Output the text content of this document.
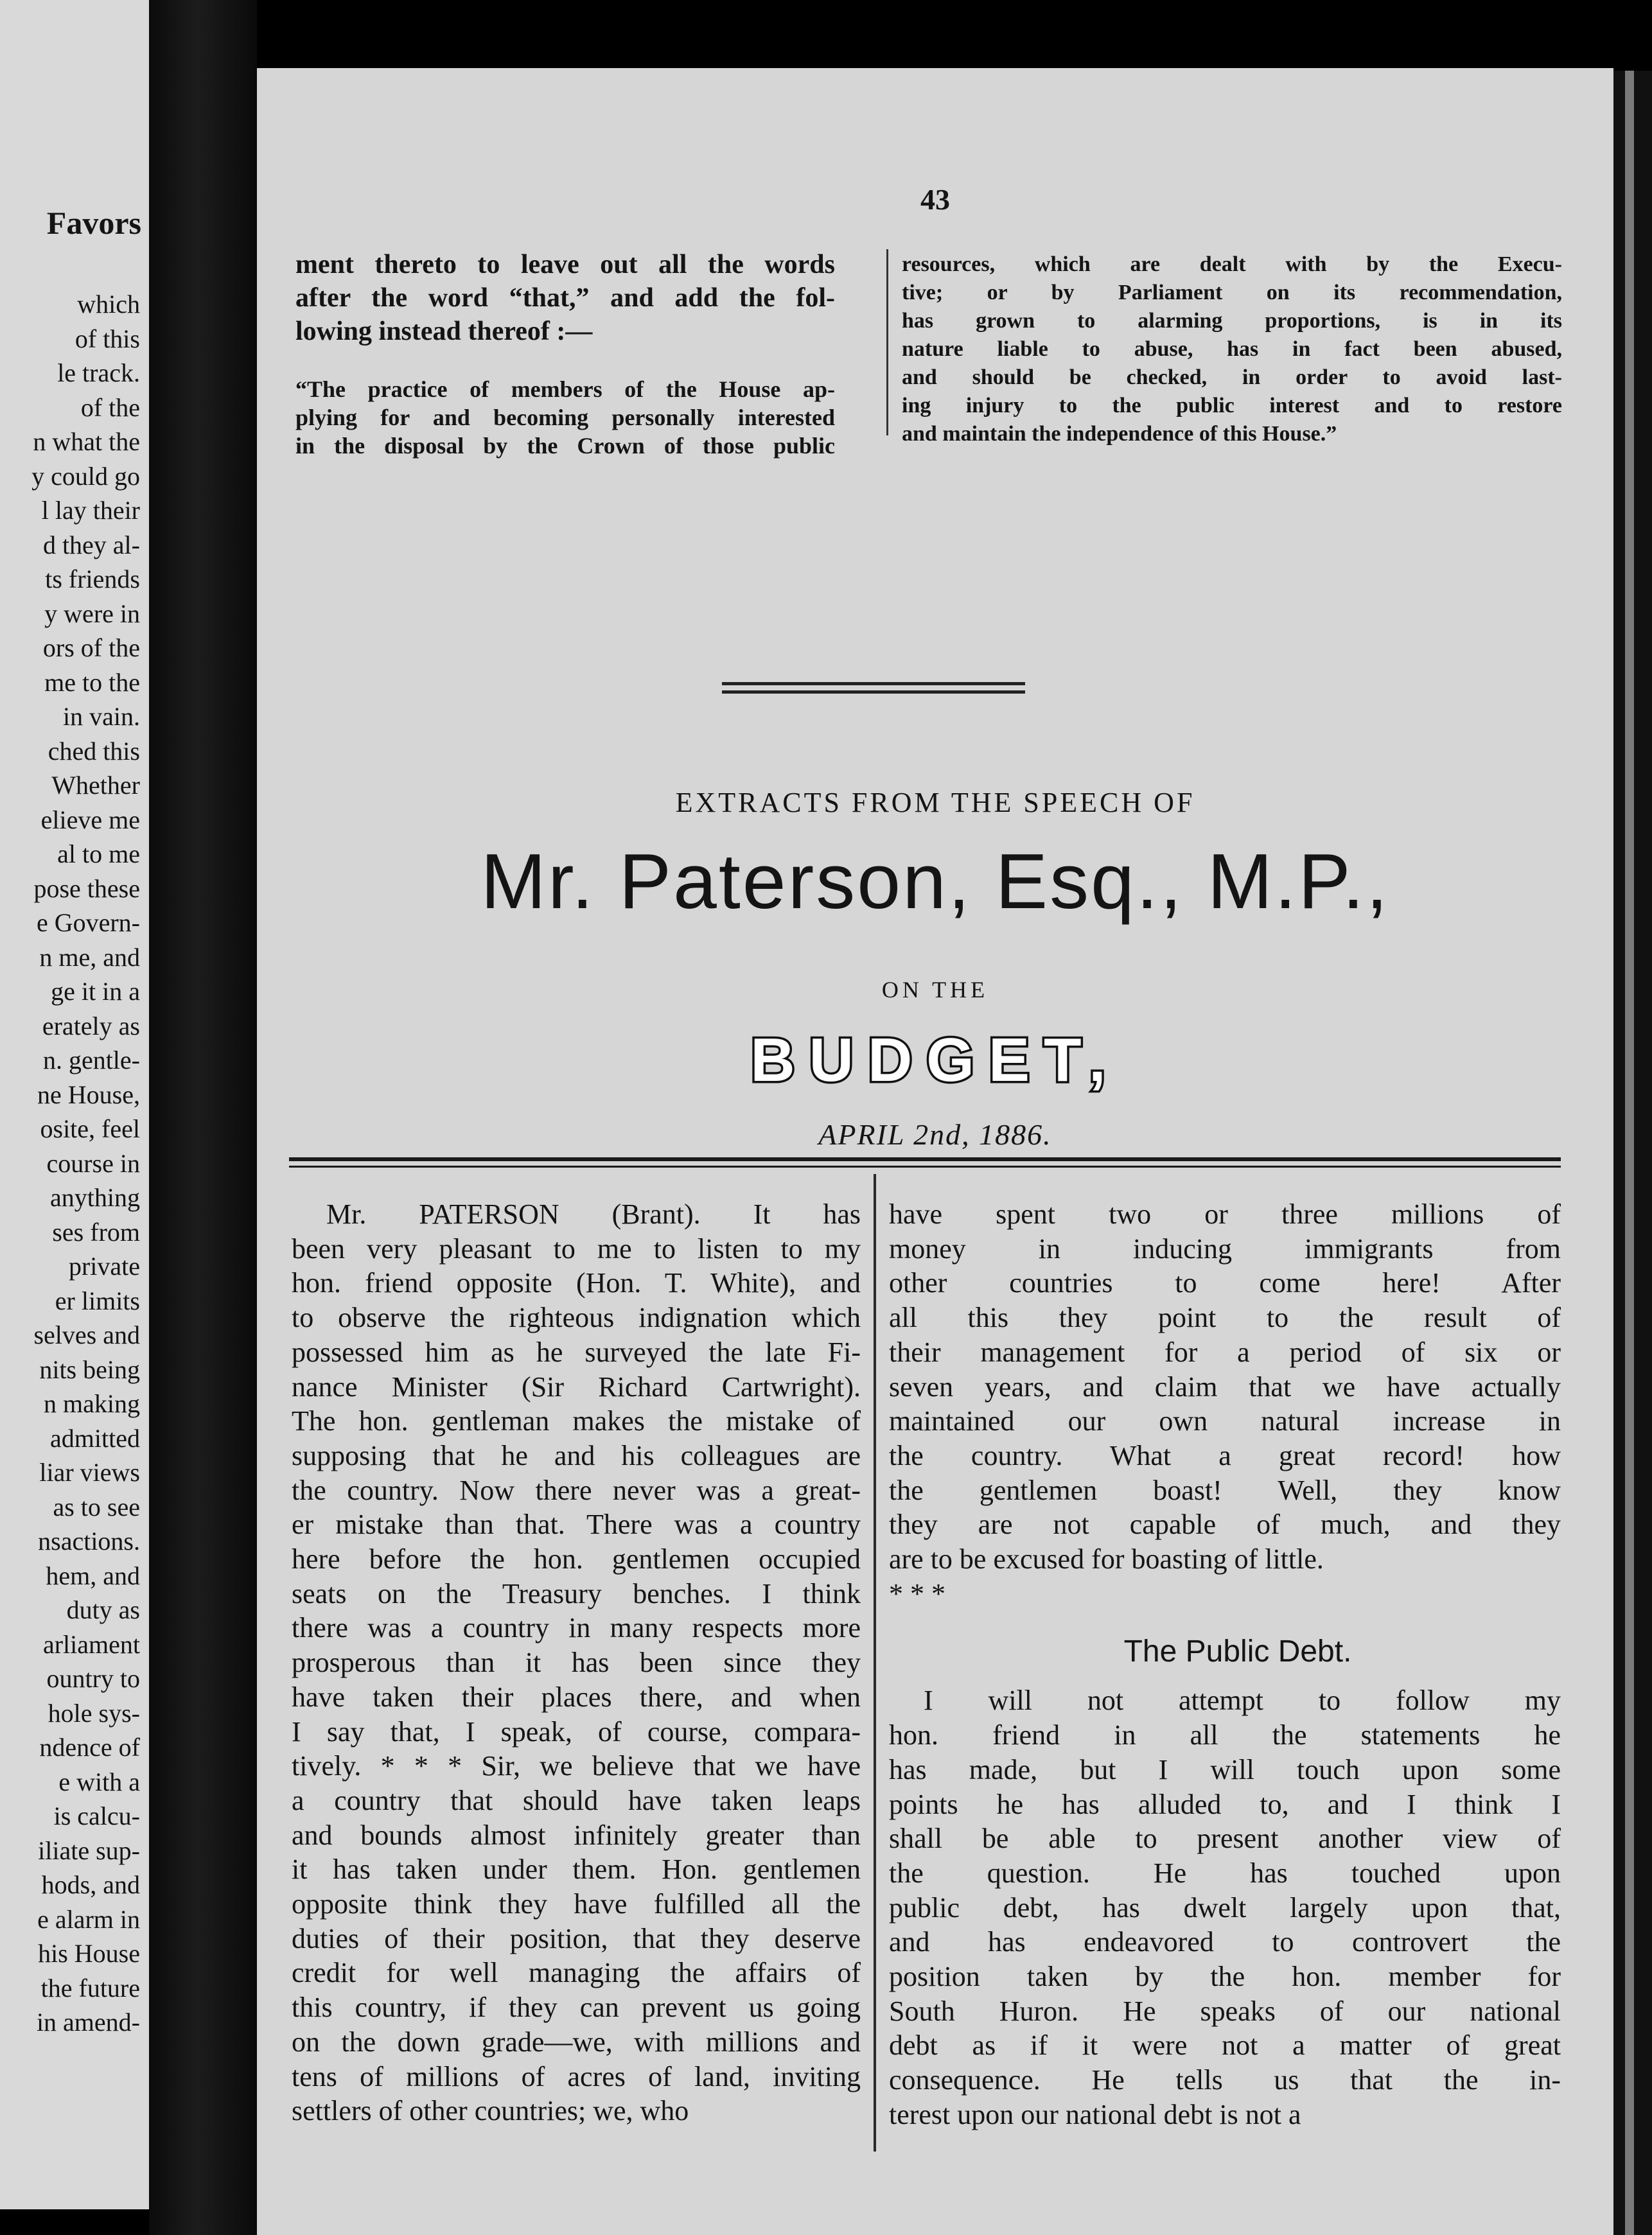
Favors
which
of this
le track.
of the
n what the
y could go
l lay their
d they al-
ts friends
y were in
ors of the
me to the
in vain.
ched this
Whether
elieve me
al to me
pose these
e Govern-
n me, and
ge it in a
erately as
n. gentle-
ne House,
osite, feel
course in
anything
ses from
private
er limits
selves and
nits being
n making
admitted
liar views
as to see
nsactions.
hem, and
duty as
arliament
ountry to
hole sys-
ndence of
e with a
is calcu-
iliate sup-
hods, and
e alarm in
his House
the future
in amend-
43
ment thereto to leave out all the words
after the word “that,” and add the fol-
lowing instead thereof :—
“The practice of members of the House ap-
plying for and becoming personally interested
in the disposal by the Crown of those public
resources, which are dealt with by the Execu-
tive; or by Parliament on its recommendation,
has grown to alarming proportions, is in its
nature liable to abuse, has in fact been abused,
and should be checked, in order to avoid last-
ing injury to the public interest and to restore
and maintain the independence of this House.”
EXTRACTS FROM THE SPEECH OF
Mr. Paterson, Esq., M.P.,
ON THE
BUDGET,
APRIL 2nd, 1886.
Mr. PATERSON (Brant). It has
been very pleasant to me to listen to my
hon. friend opposite (Hon. T. White), and
to observe the righteous indignation which
possessed him as he surveyed the late Fi-
nance Minister (Sir Richard Cartwright).
The hon. gentleman makes the mistake of
supposing that he and his colleagues are
the country. Now there never was a great-
er mistake than that. There was a country
here before the hon. gentlemen occupied
seats on the Treasury benches. I think
there was a country in many respects more
prosperous than it has been since they
have taken their places there, and when
I say that, I speak, of course, compara-
tively. * * * Sir, we believe that we have
a country that should have taken leaps
and bounds almost infinitely greater than
it has taken under them. Hon. gentlemen
opposite think they have fulfilled all the
duties of their position, that they deserve
credit for well managing the affairs of
this country, if they can prevent us going
on the down grade—we, with millions and
tens of millions of acres of land, inviting
settlers of other countries; we, who
have spent two or three millions of
money in inducing immigrants from
other countries to come here! After
all this they point to the result of
their management for a period of six or
seven years, and claim that we have actually
maintained our own natural increase in
the country. What a great record! how
the gentlemen boast! Well, they know
they are not capable of much, and they
are to be excused for boasting of little.
* * *
The Public Debt.
I will not attempt to follow my
hon. friend in all the statements he
has made, but I will touch upon some
points he has alluded to, and I think I
shall be able to present another view of
the question. He has touched upon
public debt, has dwelt largely upon that,
and has endeavored to controvert the
position taken by the hon. member for
South Huron. He speaks of our national
debt as if it were not a matter of great
consequence. He tells us that the in-
terest upon our national debt is not a
